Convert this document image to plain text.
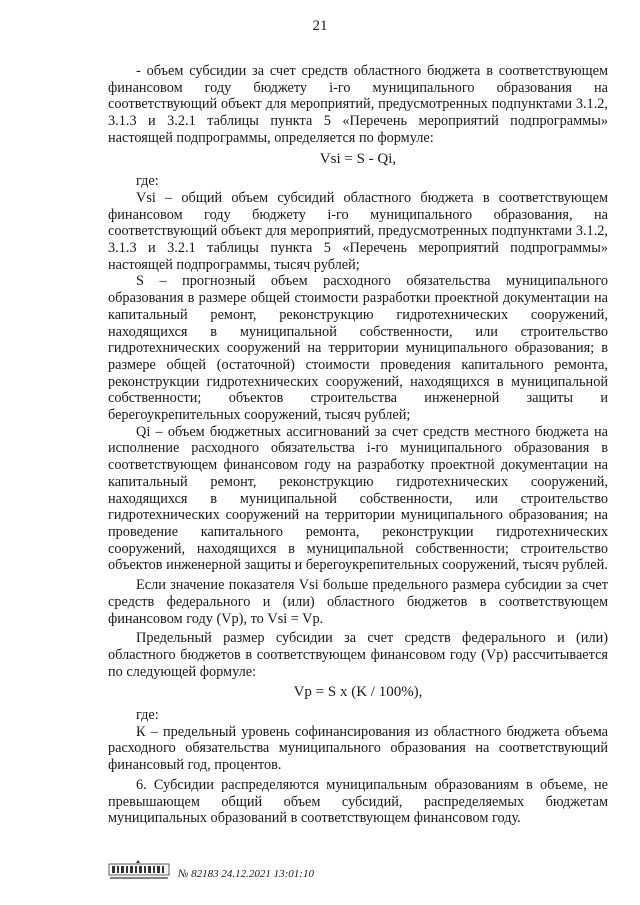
21

- объем субсидии за счет средств областного бюджета в соответствующем финансовом году бюджету i-го муниципального образования на соответствующий объект для мероприятий, предусмотренных подпунктами 3.1.2, 3.1.3 и 3.2.1 таблицы пункта 5 «Перечень мероприятий подпрограммы» настоящей подпрограммы, определяется по формуле:

Vsi = S - Qi,

где:

Vsi – общий объем субсидий областного бюджета в соответствующем финансовом году бюджету i-го муниципального образования, на соответствующий объект для мероприятий, предусмотренных подпунктами 3.1.2, 3.1.3 и 3.2.1 таблицы пункта 5 «Перечень мероприятий подпрограммы» настоящей подпрограммы, тысяч рублей;

S – прогнозный объем расходного обязательства муниципального образования в размере общей стоимости разработки проектной документации на капитальный ремонт, реконструкцию гидротехнических сооружений, находящихся в муниципальной собственности, или строительство гидротехнических сооружений на территории муниципального образования; в размере общей (остаточной) стоимости проведения капитального ремонта, реконструкции гидротехнических сооружений, находящихся в муниципальной собственности; объектов строительства инженерной защиты и берегоукрепительных сооружений, тысяч рублей;

Qi – объем бюджетных ассигнований за счет средств местного бюджета на исполнение расходного обязательства i-го муниципального образования в соответствующем финансовом году на разработку проектной документации на капитальный ремонт, реконструкцию гидротехнических сооружений, находящихся в муниципальной собственности, или строительство гидротехнических сооружений на территории муниципального образования; на проведение капитального ремонта, реконструкции гидротехнических сооружений, находящихся в муниципальной собственности; строительство объектов инженерной защиты и берегоукрепительных сооружений, тысяч рублей.

Если значение показателя Vsi больше предельного размера субсидии за счет средств федерального и (или) областного бюджетов в соответствующем финансовом году (Vp), то Vsi = Vp.

Предельный размер субсидии за счет средств федерального и (или) областного бюджетов в соответствующем финансовом году (Vp) рассчитывается по следующей формуле:

Vp = S x (K / 100%),

где:

К – предельный уровень софинансирования из областного бюджета объема расходного обязательства муниципального образования на соответствующий финансовый год, процентов.

6. Субсидии распределяются муниципальным образованиям в объеме, не превышающем общий объем субсидий, распределяемых бюджетам муниципальных образований в соответствующем финансовом году.

№ 82183 24.12.2021 13:01:10
